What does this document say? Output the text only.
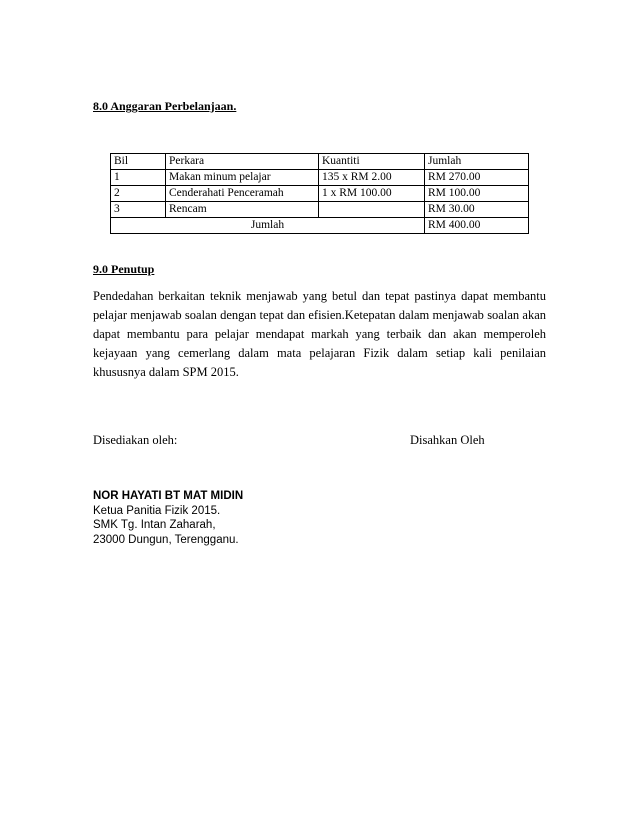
8.0 Anggaran Perbelanjaan.
Bil	Perkara	Kuantiti	Jumlah
1	Makan minum pelajar	135 x RM 2.00	RM 270.00
2	Cenderahati Penceramah	1 x RM 100.00	RM 100.00
3	Rencam		RM 30.00
Jumlah			RM 400.00
9.0 Penutup
Pendedahan berkaitan teknik menjawab yang betul dan tepat pastinya dapat membantu pelajar menjawab soalan dengan tepat dan efisien.Ketepatan dalam menjawab soalan akan dapat membantu para pelajar mendapat markah yang terbaik dan akan memperoleh kejayaan yang cemerlang dalam mata pelajaran Fizik dalam setiap kali penilaian khususnya dalam SPM 2015.
Disediakan oleh:	Disahkan Oleh
NOR HAYATI BT MAT MIDIN
Ketua Panitia Fizik 2015.
SMK Tg. Intan Zaharah,
23000 Dungun, Terengganu.
